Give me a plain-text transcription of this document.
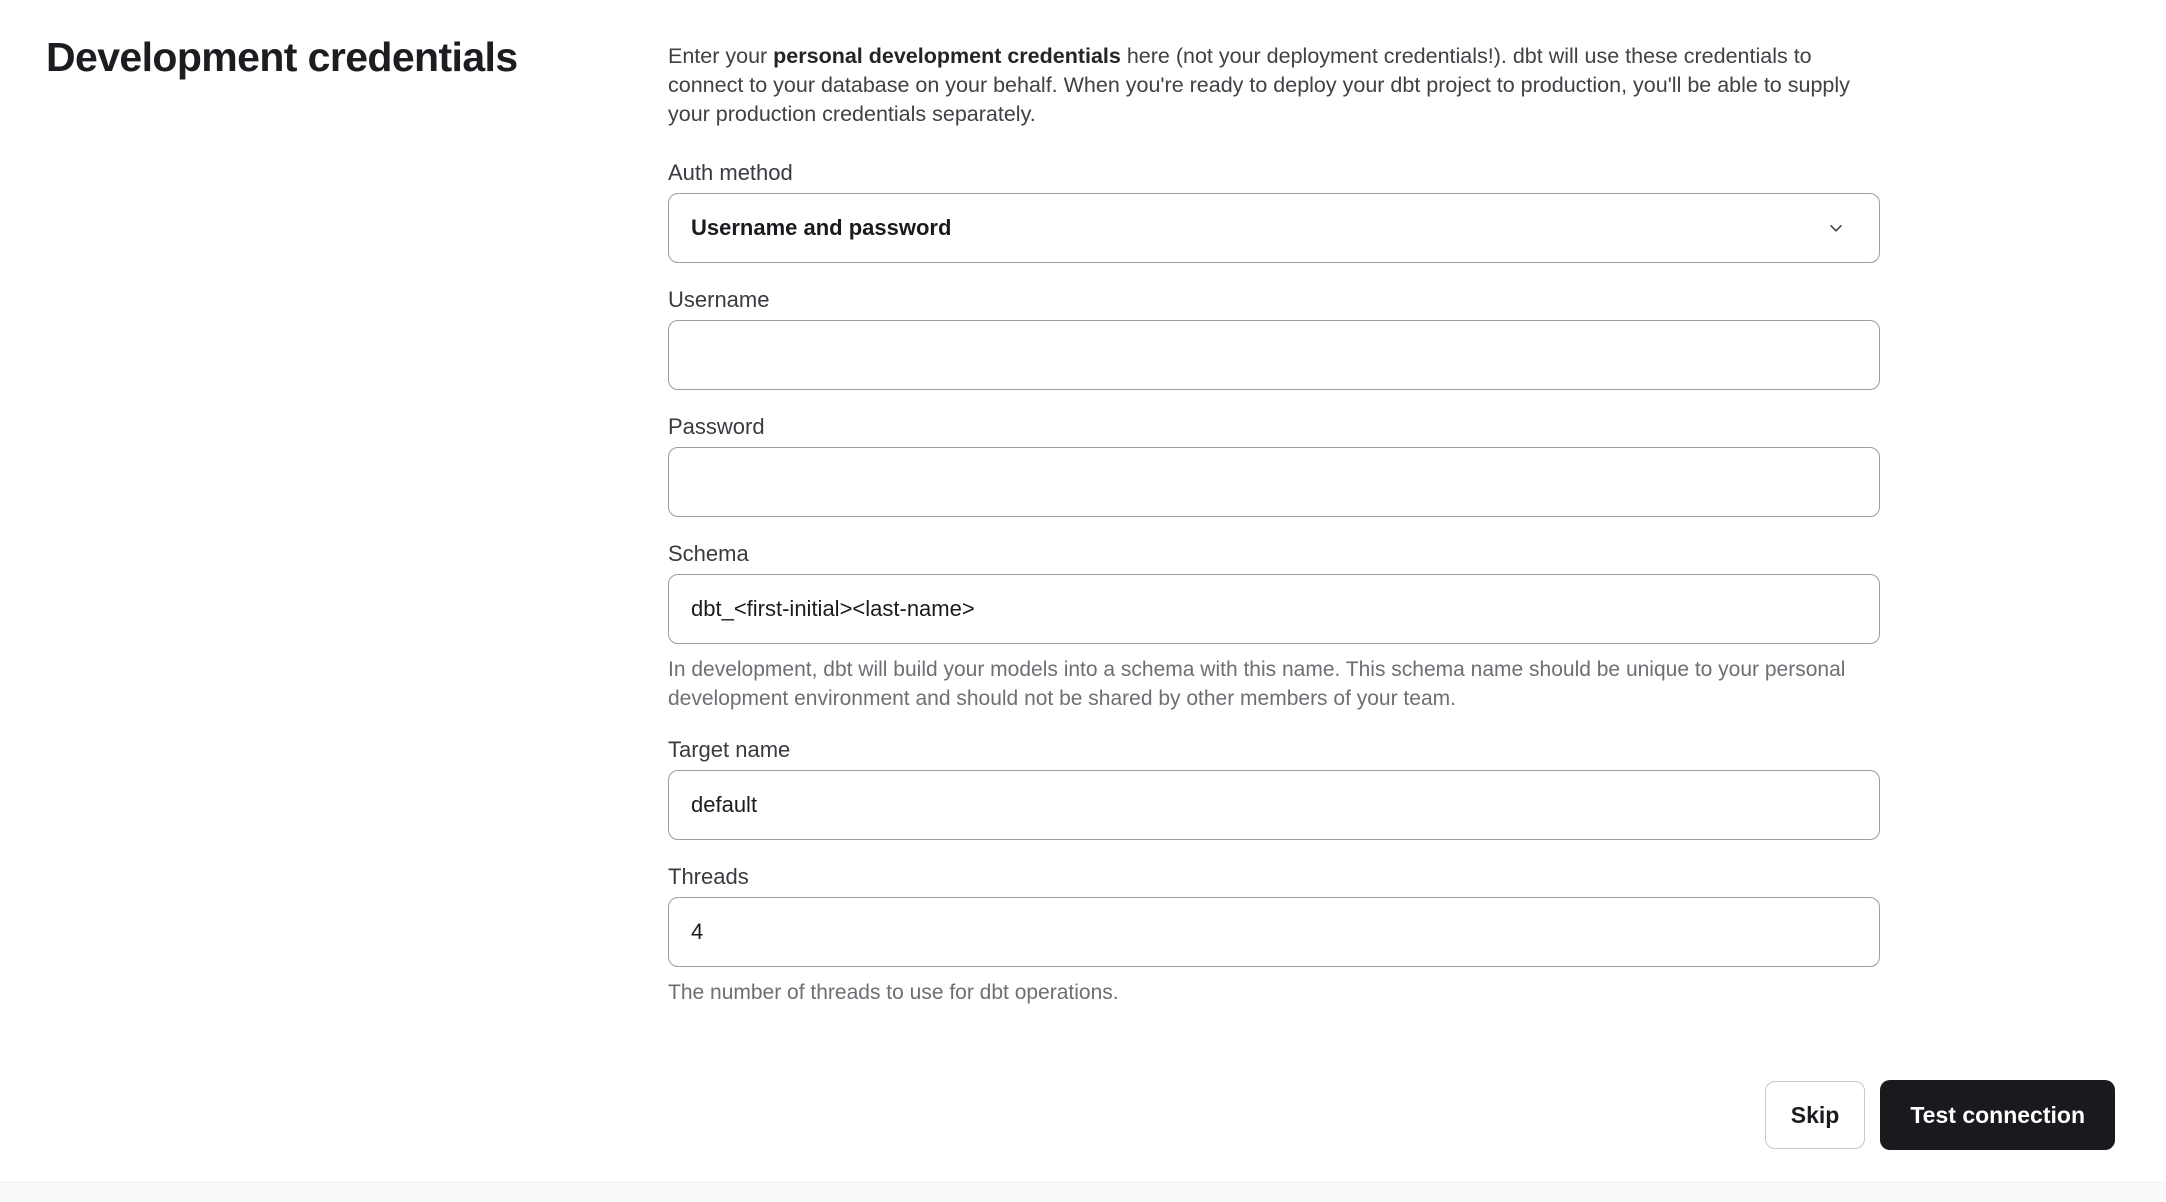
Development credentials	Enter your personal development credentials here (not your deployment credentials!). dbt will use these credentials to connect to your database on your behalf. When you're ready to deploy your dbt project to production, you'll be able to supply your production credentials separately.

Auth method
Username and password
Username
Password
Schema
dbt_<first-initial><last-name>
In development, dbt will build your models into a schema with this name. This schema name should be unique to your personal development environment and should not be shared by other members of your team.
Target name
default
Threads
4
The number of threads to use for dbt operations.
Skip	Test connection
